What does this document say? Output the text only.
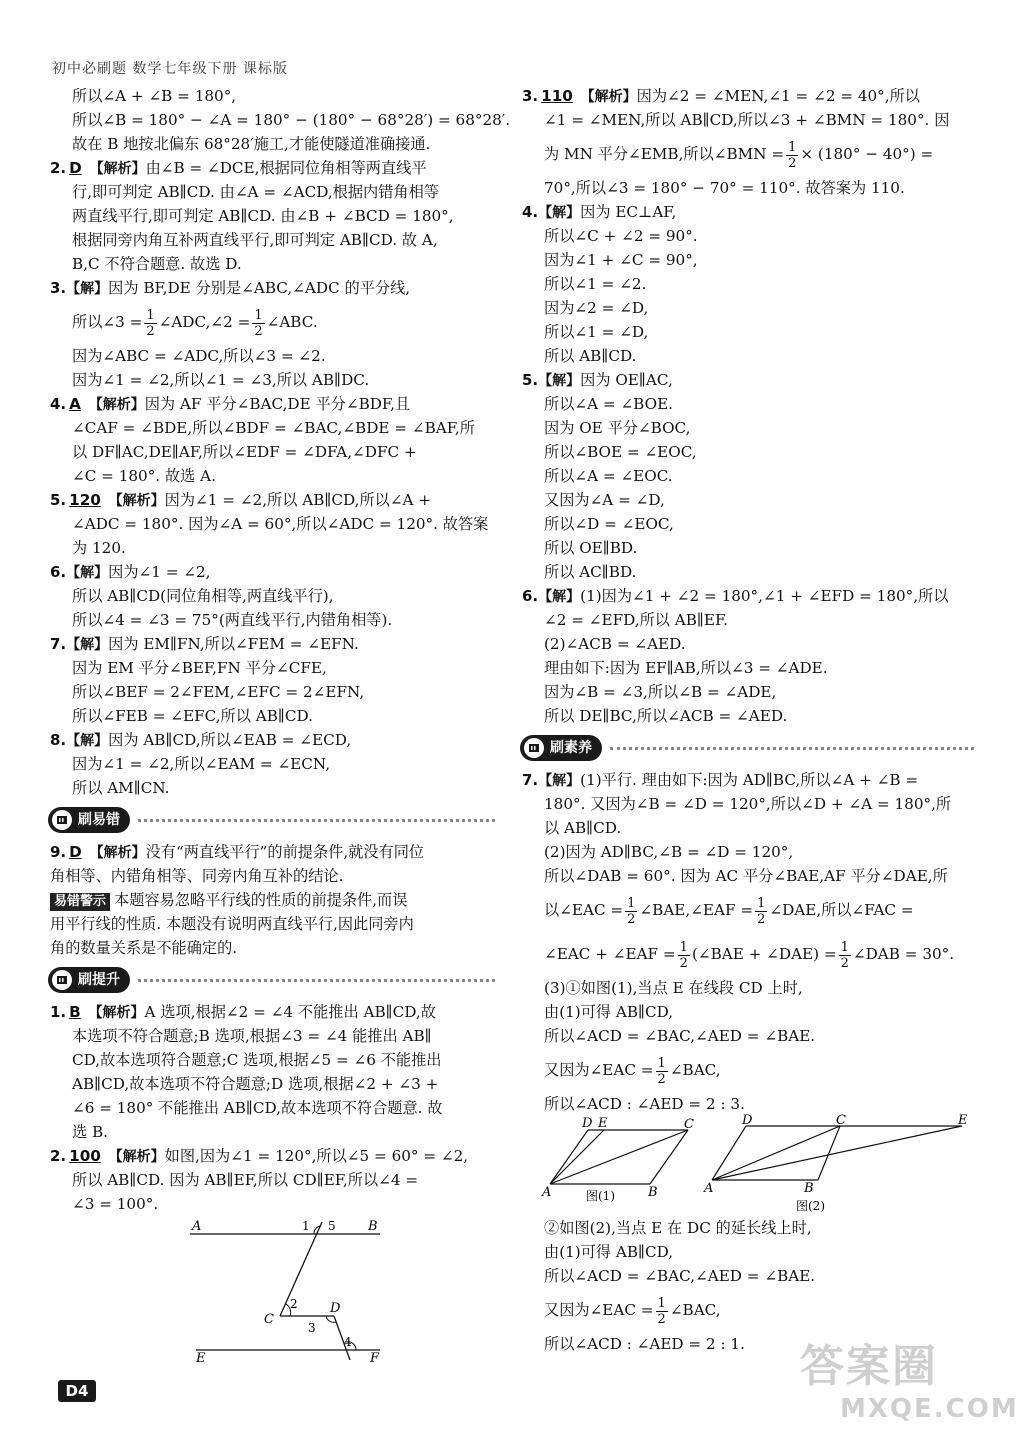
初中必刷题 数学七年级下册 课标版
所以∠A + ∠B = 180°,
所以∠B = 180° − ∠A = 180° − (180° − 68°28′) = 68°28′.
故在 B 地按北偏东 68°28′施工,才能使隧道准确接通.
2. D 【解析】由∠B = ∠DCE,根据同位角相等两直线平
行,即可判定 AB∥CD. 由∠A = ∠ACD,根据内错角相等
两直线平行,即可判定 AB∥CD. 由∠B + ∠BCD = 180°,
根据同旁内角互补两直线平行,即可判定 AB∥CD. 故 A,
B,C 不符合题意. 故选 D.
3.【解】因为 BF,DE 分别是∠ABC,∠ADC 的平分线,
所以∠3 = $\frac{1}{2}$ ∠ADC,∠2 = $\frac{1}{2}$ ∠ABC.
因为∠ABC = ∠ADC,所以∠3 = ∠2.
因为∠1 = ∠2,所以∠1 = ∠3,所以 AB∥DC.
4. A 【解析】因为 AF 平分∠BAC,DE 平分∠BDF,且
∠CAF = ∠BDE,所以∠BDF = ∠BAC,∠BDE = ∠BAF,所
以 DF∥AC,DE∥AF,所以∠EDF = ∠DFA,∠DFC +
∠C = 180°. 故选 A.
5. 120 【解析】因为∠1 = ∠2,所以 AB∥CD,所以∠A +
∠ADC = 180°. 因为∠A = 60°,所以∠ADC = 120°. 故答案
为 120.
6.【解】因为∠1 = ∠2,
所以 AB∥CD(同位角相等,两直线平行),
所以∠4 = ∠3 = 75°(两直线平行,内错角相等).
7.【解】因为 EM∥FN,所以∠FEM = ∠EFN.
因为 EM 平分∠BEF,FN 平分∠CFE,
所以∠BEF = 2∠FEM,∠EFC = 2∠EFN,
所以∠FEB = ∠EFC,所以 AB∥CD.
8.【解】因为 AB∥CD,所以∠EAB = ∠ECD,
因为∠1 = ∠2,所以∠EAM = ∠ECN,
所以 AM∥CN.
刷易错
9. D 【解析】没有“两直线平行”的前提条件,就没有同位
角相等、内错角相等、同旁内角互补的结论.
易错警示 本题容易忽略平行线的性质的前提条件,而误
用平行线的性质. 本题没有说明两直线平行,因此同旁内
角的数量关系是不能确定的.
刷提升
1. B 【解析】A 选项,根据∠2 = ∠4 不能推出 AB∥CD,故
本选项不符合题意;B 选项,根据∠3 = ∠4 能推出 AB∥
CD,故本选项符合题意;C 选项,根据∠5 = ∠6 不能推出
AB∥CD,故本选项不符合题意;D 选项,根据∠2 + ∠3 +
∠6 = 180° 不能推出 AB∥CD,故本选项不符合题意. 故
选 B.
2. 100 【解析】如图,因为∠1 = 120°,所以∠5 = 60° = ∠2,
所以 AB∥CD. 因为 AB∥EF,所以 CD∥EF,所以∠4 =
∠3 = 100°.
A	B
C
D
E	F
1 5
2
3
4
3. 110 【解析】因为∠2 = ∠MEN,∠1 = ∠2 = 40°,所以
∠1 = ∠MEN,所以 AB∥CD,所以∠3 + ∠BMN = 180°. 因
为 MN 平分∠EMB,所以∠BMN = $\frac{1}{2} \times (180^\circ - 40^\circ)$ =
70°,所以∠3 = 180° − 70° = 110°. 故答案为 110.
4.【解】因为 EC⊥AF,
所以∠C + ∠2 = 90°.
因为∠1 + ∠C = 90°,
所以∠1 = ∠2.
因为∠2 = ∠D,
所以∠1 = ∠D,
所以 AB∥CD.
5.【解】因为 OE∥AC,
所以∠A = ∠BOE.
因为 OE 平分∠BOC,
所以∠BOE = ∠EOC,
所以∠A = ∠EOC.
又因为∠A = ∠D,
所以∠D = ∠EOC,
所以 OE∥BD.
所以 AC∥BD.
6.【解】(1)因为∠1 + ∠2 = 180°,∠1 + ∠EFD = 180°,所以
∠2 = ∠EFD,所以 AB∥EF.
(2)∠ACB = ∠AED.
理由如下:因为 EF∥AB,所以∠3 = ∠ADE.
因为∠B = ∠3,所以∠B = ∠ADE,
所以 DE∥BC,所以∠ACB = ∠AED.
刷素养
7.【解】(1)平行. 理由如下:因为 AD∥BC,所以∠A + ∠B =
180°. 又因为∠B = ∠D = 120°,所以∠D + ∠A = 180°,所
以 AB∥CD.
(2)因为 AD∥BC,∠B = ∠D = 120°,
所以∠DAB = 60°. 因为 AC 平分∠BAE,AF 平分∠DAE,所
以∠EAC = $\frac{1}{2}$ ∠BAE,∠EAF = $\frac{1}{2}$ ∠DAE,所以∠FAC =
∠EAC + ∠EAF = $\frac{1}{2}$ (∠BAE + ∠DAE) = $\frac{1}{2}$ ∠DAB = 30°.
(3)①如图(1),当点 E 在线段 CD 上时,
由(1)可得 AB∥CD,
所以∠ACD = ∠BAC,∠AED = ∠BAE.
又因为∠EAC = $\frac{1}{2}$ ∠BAC,
所以∠ACD : ∠AED = 2 : 3.
D E	C
A	B
图(1)
D	C	E
A	B
图(2)
②如图(2),当点 E 在 DC 的延长线上时,
由(1)可得 AB∥CD,
所以∠ACD = ∠BAC,∠AED = ∠BAE.
又因为∠EAC = $\frac{1}{2}$ ∠BAC,
所以∠ACD : ∠AED = 2 : 1.
D4	答案圈
MXQE.COM
